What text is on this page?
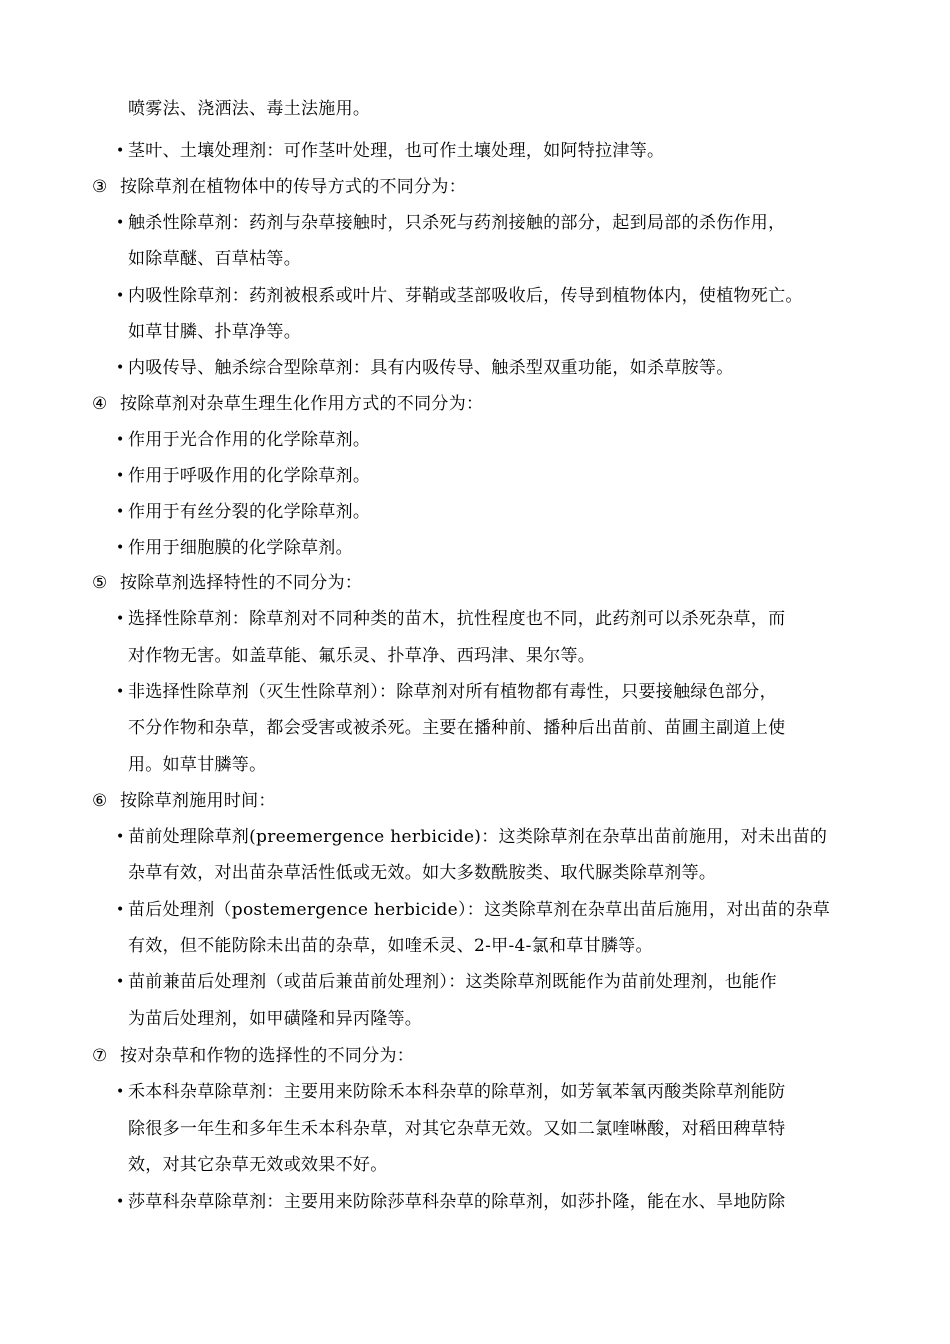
喷雾法、浇洒法、毒土法施用。
• 茎叶、土壤处理剂：可作茎叶处理，也可作土壤处理，如阿特拉津等。
③ 按除草剂在植物体中的传导方式的不同分为：
• 触杀性除草剂：药剂与杂草接触时，只杀死与药剂接触的部分，起到局部的杀伤作用，
如除草醚、百草枯等。
• 内吸性除草剂：药剂被根系或叶片、芽鞘或茎部吸收后，传导到植物体内，使植物死亡。
如草甘膦、扑草净等。
• 内吸传导、触杀综合型除草剂：具有内吸传导、触杀型双重功能，如杀草胺等。
④ 按除草剂对杂草生理生化作用方式的不同分为：
• 作用于光合作用的化学除草剂。
• 作用于呼吸作用的化学除草剂。
• 作用于有丝分裂的化学除草剂。
• 作用于细胞膜的化学除草剂。
⑤ 按除草剂选择特性的不同分为：
• 选择性除草剂：除草剂对不同种类的苗木，抗性程度也不同，此药剂可以杀死杂草，而
对作物无害。如盖草能、氟乐灵、扑草净、西玛津、果尔等。
• 非选择性除草剂（灭生性除草剂）：除草剂对所有植物都有毒性，只要接触绿色部分，
不分作物和杂草，都会受害或被杀死。主要在播种前、播种后出苗前、苗圃主副道上使
用。如草甘膦等。
⑥ 按除草剂施用时间：
• 苗前处理除草剂(preemergence herbicide)：这类除草剂在杂草出苗前施用，对未出苗的
杂草有效，对出苗杂草活性低或无效。如大多数酰胺类、取代脲类除草剂等。
• 苗后处理剂（postemergence herbicide）：这类除草剂在杂草出苗后施用，对出苗的杂草
有效，但不能防除未出苗的杂草，如喹禾灵、2-甲-4-氯和草甘膦等。
• 苗前兼苗后处理剂（或苗后兼苗前处理剂）：这类除草剂既能作为苗前处理剂，也能作
为苗后处理剂，如甲磺隆和异丙隆等。
⑦ 按对杂草和作物的选择性的不同分为：
• 禾本科杂草除草剂：主要用来防除禾本科杂草的除草剂，如芳氧苯氧丙酸类除草剂能防
除很多一年生和多年生禾本科杂草，对其它杂草无效。又如二氯喹啉酸，对稻田稗草特
效，对其它杂草无效或效果不好。
• 莎草科杂草除草剂：主要用来防除莎草科杂草的除草剂，如莎扑隆，能在水、旱地防除
